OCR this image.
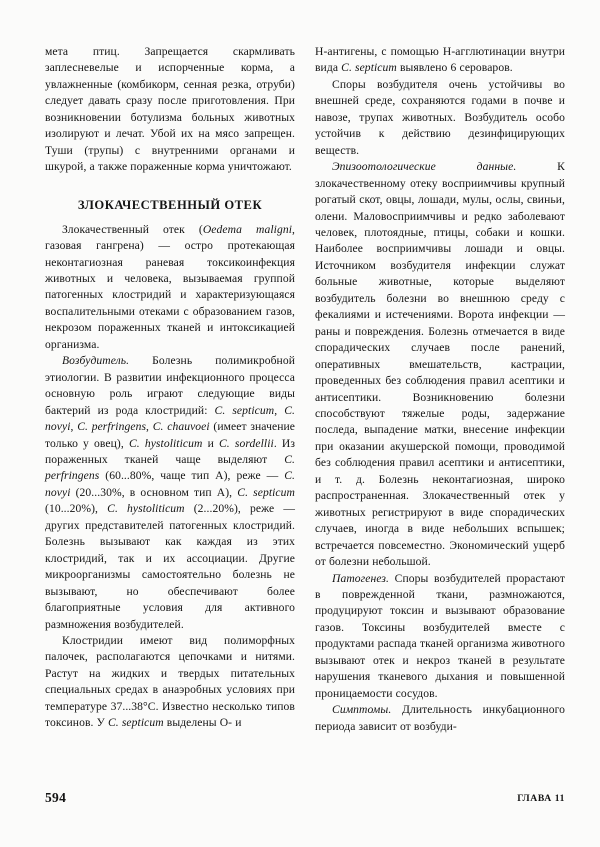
мета птиц. Запрещается скармливать заплесневелые и испорченные корма, а увлажненные (комбикорм, сенная резка, отруби) следует давать сразу после приготовления. При возникновении ботулизма больных животных изолируют и лечат. Убой их на мясо запрещен. Туши (трупы) с внутренними органами и шкурой, а также пораженные корма уничтожают.

ЗЛОКАЧЕСТВЕННЫЙ ОТЕК

Злокачественный отек (Oedema maligni, газовая гангрена) — остро протекающая неконтагиозная раневая токсикоинфекция животных и человека, вызываемая группой патогенных клостридий и характеризующаяся воспалительными отеками с образованием газов, некрозом пораженных тканей и интоксикацией организма.

Возбудитель. Болезнь полимикробной этиологии. В развитии инфекционного процесса основную роль играют следующие виды бактерий из рода клостридий: C. septicum, C. novyi, C. perfringens, C. chauvoei (имеет значение только у овец), C. hystoliticum и C. sordellii. Из пораженных тканей чаще выделяют C. perfringens (60...80%, чаще тип А), реже — C. novyi (20...30%, в основном тип А), C. septicum (10...20%), C. hystoliticum (2...20%), реже — других представителей патогенных клостридий. Болезнь вызывают как каждая из этих клостридий, так и их ассоциации. Другие микроорганизмы самостоятельно болезнь не вызывают, но обеспечивают более благоприятные условия для активного размножения возбудителей.

Клостридии имеют вид полиморфных палочек, располагаются цепочками и нитями. Растут на жидких и твердых питательных специальных средах в анаэробных условиях при температуре 37...38°С. Известно несколько типов токсинов. У C. septicum выделены О- и

Н-антигены, с помощью Н-агглютинации внутри вида C. septicum выявлено 6 сероваров.

Споры возбудителя очень устойчивы во внешней среде, сохраняются годами в почве и навозе, трупах животных. Возбудитель особо устойчив к действию дезинфицирующих веществ.

Эпизоотологические данные. К злокачественному отеку восприимчивы крупный рогатый скот, овцы, лошади, мулы, ослы, свиньи, олени. Маловосприимчивы и редко заболевают человек, плотоядные, птицы, собаки и кошки. Наиболее восприимчивы лошади и овцы. Источником возбудителя инфекции служат больные животные, которые выделяют возбудитель болезни во внешнюю среду с фекалиями и истечениями. Ворота инфекции — раны и повреждения. Болезнь отмечается в виде спорадических случаев после ранений, оперативных вмешательств, кастрации, проведенных без соблюдения правил асептики и антисептики. Возникновению болезни способствуют тяжелые роды, задержание последа, выпадение матки, внесение инфекции при оказании акушерской помощи, проводимой без соблюдения правил асептики и антисептики, и т. д. Болезнь неконтагиозная, широко распространенная. Злокачественный отек у животных регистрируют в виде спорадических случаев, иногда в виде небольших вспышек; встречается повсеместно. Экономический ущерб от болезни небольшой.

Патогенез. Споры возбудителей прорастают в поврежденной ткани, размножаются, продуцируют токсин и вызывают образование газов. Токсины возбудителей вместе с продуктами распада тканей организма животного вызывают отек и некроз тканей в результате нарушения тканевого дыхания и повышенной проницаемости сосудов.

Симптомы. Длительность инкубационного периода зависит от возбуди-

594	ГЛАВА 11
